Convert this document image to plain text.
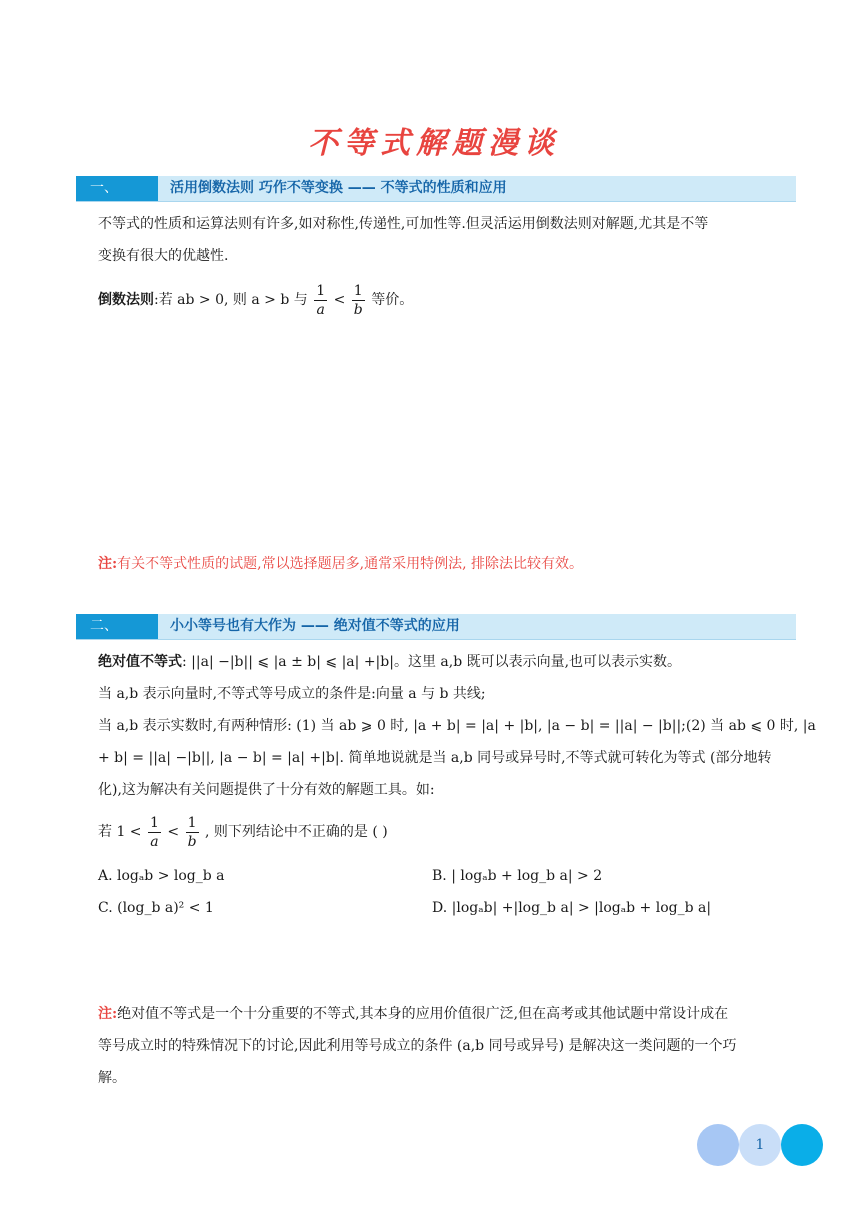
不等式解题漫谈
一、	活用倒数法则 巧作不等变换 —— 不等式的性质和应用
不等式的性质和运算法则有许多,如对称性,传递性,可加性等.但灵活运用倒数法则对解题,尤其是不等
变换有很大的优越性.
倒数法则:若 ab > 0, 则 a > b 与 $\frac{1}{a} < \frac{1}{b}$ 等价。
注:有关不等式性质的试题,常以选择题居多,通常采用特例法, 排除法比较有效。
二、	小小等号也有大作为 —— 绝对值不等式的应用
绝对值不等式: ||a| −|b|| ⩽ |a ± b| ⩽ |a| +|b|。这里 a,b 既可以表示向量,也可以表示实数。
当 a,b 表示向量时,不等式等号成立的条件是:向量 a 与 b 共线;
当 a,b 表示实数时,有两种情形: (1) 当 ab ⩾ 0 时, |a + b| = |a| + |b|, |a − b| = ||a| − |b||;(2) 当 ab ⩽ 0 时, |a
+ b| = ||a| −|b||, |a − b| = |a| +|b|. 简单地说就是当 a,b 同号或异号时,不等式就可转化为等式 (部分地转
化),这为解决有关问题提供了十分有效的解题工具。如:
若 $1 < \frac{1}{a} < \frac{1}{b}$ , 则下列结论中不正确的是 ( )
A. logₐb > log_b a	B. | logₐb + log_b a| > 2
C. (log_b a)² < 1	D. |logₐb| +|log_b a| > |logₐb + log_b a|
注:绝对值不等式是一个十分重要的不等式,其本身的应用价值很广泛,但在高考或其他试题中常设计成在
等号成立时的特殊情况下的讨论,因此利用等号成立的条件 (a,b 同号或异号) 是解决这一类问题的一个巧
解。
1
